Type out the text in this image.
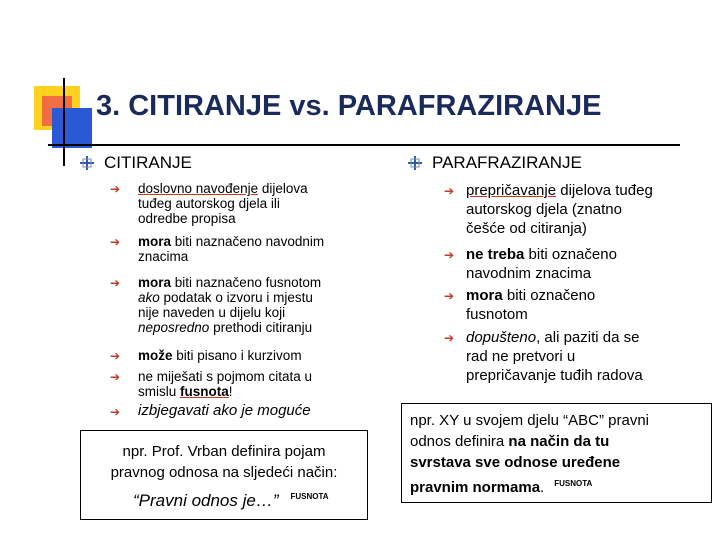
3. CITIRANJE vs. PARAFRAZIRANJE
CITIRANJE
➔ doslovno navođenje dijelova
tuđeg autorskog djela ili
odredbe propisa
➔ mora biti naznačeno navodnim
znacima
➔ mora biti naznačeno fusnotom
ako podatak o izvoru i mjestu
nije naveden u dijelu koji
neposredno prethodi citiranju
➔ može biti pisano i kurzivom
➔ ne miješati s pojmom citata u
smislu fusnota!
➔ izbjegavati ako je moguće
npr. Prof. Vrban definira pojam
pravnog odnosa na sljedeći način:
“Pravni odnos je…” $^{FUSNOTA}$
PARAFRAZIRANJE
➔ prepričavanje dijelova tuđeg
autorskog djela (znatno
češće od citiranja)
➔ ne treba biti označeno
navodnim znacima
➔ mora biti označeno
fusnotom
➔ dopušteno, ali paziti da se
rad ne pretvori u
prepričavanje tuđih radova
npr. XY u svojem djelu “ABC” pravni
odnos definira na način da tu
svrstava sve odnose uređene
pravnim normama. $^{FUSNOTA}$
